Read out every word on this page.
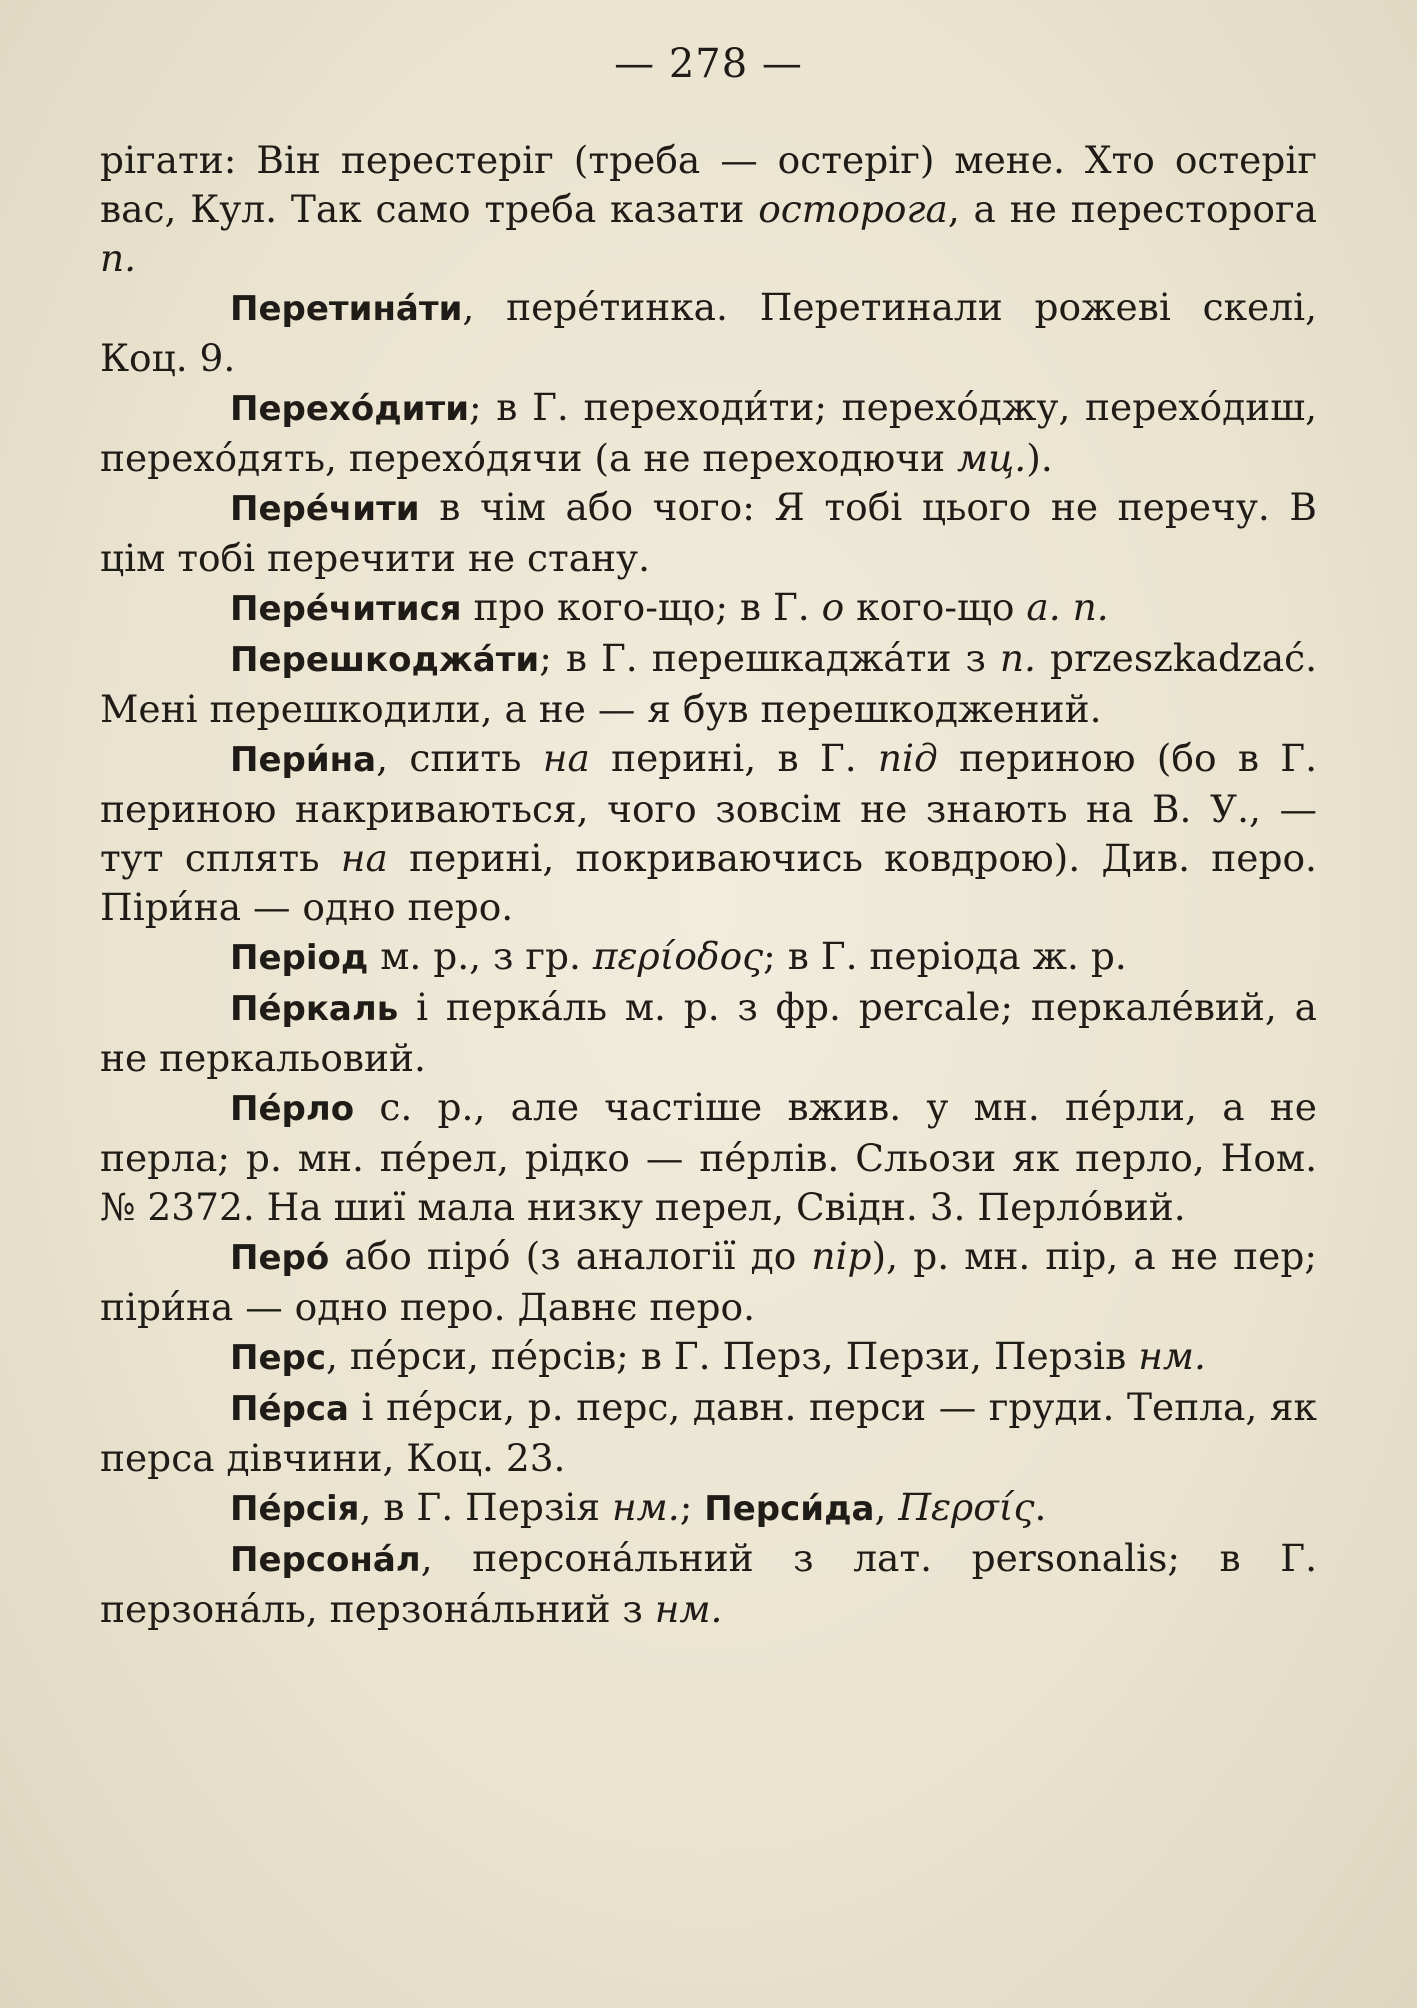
— 278 —

рігати: Він перестеріг (треба — остеріг) мене. Хто остеріг вас, Кул. Так само треба казати осторога, а не пересторога п.

Перетина́ти, пере́тинка. Перетинали рожеві скелі, Коц. 9.

Перехо́дити; в Г. переходи́ти; перехо́джу, перехо́диш, перехо́дять, перехо́дячи (а не переходючи мц.).

Пере́чити в чім або чого: Я тобі цього не перечу. В цім тобі перечити не стану.

Пере́читися про кого-що; в Г. о кого-що а. п.

Перешкоджа́ти; в Г. перешкаджа́ти з п. przeszkadzać. Мені перешкодили, а не — я був перешкоджений.

Пери́на, спить на перині, в Г. під периною (бо в Г. периною накриваються, чого зовсім не знають на В. У., — тут сплять на перині, покриваючись ковдрою). Див. перо. Піри́на — одно перо.

Період м. р., з гр. περίοδος; в Г. періода ж. р.

Пе́ркаль і перка́ль м. р. з фр. percale; перкале́вий, а не перкальовий.

Пе́рло с. р., але частіше вжив. у мн. пе́рли, а не перла; р. мн. пе́рел, рідко — пе́рлів. Сльози як перло, Ном. № 2372. На шиї мала низку перел, Свідн. 3. Перло́вий.

Перо́ або піро́ (з аналогії до пір), р. мн. пір, а не пер; піри́на — одно перо. Давнє перо.

Перс, пе́рси, пе́рсів; в Г. Перз, Перзи, Перзів нм.

Пе́рса і пе́рси, р. перс, давн. перси — груди. Тепла, як перса дівчини, Коц. 23.

Пе́рсія, в Г. Перзія нм.; Перси́да, Περσίς.

Персона́л, персона́льний з лат. personalis; в Г. перзона́ль, перзона́льний з нм.
